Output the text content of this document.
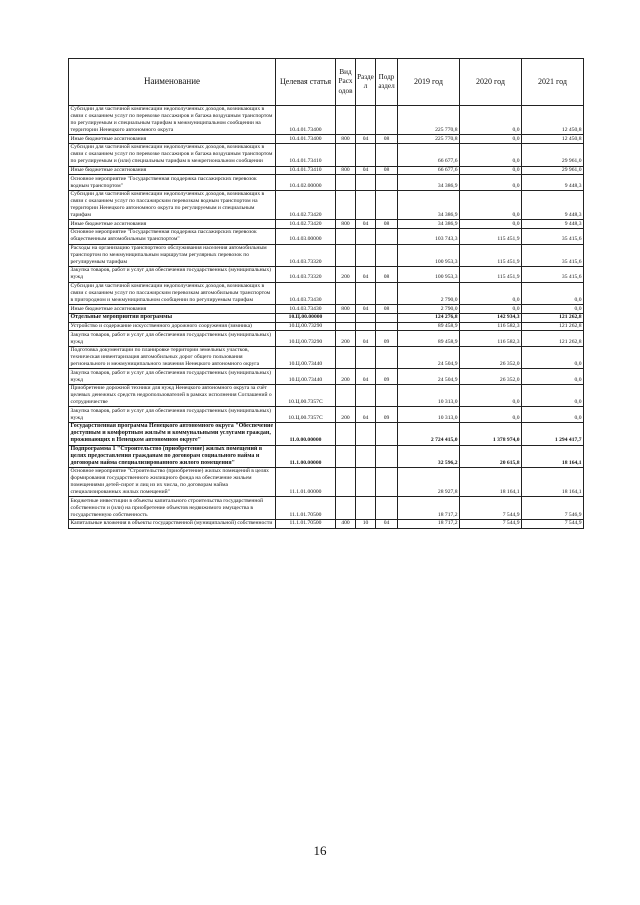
Наименование	Целевая статья	Вид Расходов	Раздел	Подраздел	2019 год	2020 год	2021 год
Субсидии для частичной компенсации недополученных доходов, возникающих в связи с оказанием услуг по перевозке пассажиров и багажа воздушным транспортом по регулируемым и специальным тарифам в межмуниципальном сообщении на территории Ненецкого автономного округа	10.4.01.73400				225 770,8	0,0	12 450,8
Иные бюджетные ассигнования	10.4.01.73400	800	04	08	225 770,8	0,0	12 450,8
Субсидии для частичной компенсации недополученных доходов, возникающих в связи с оказанием услуг по перевозке пассажиров и багажа воздушным транспортом по регулируемым и (или) специальным тарифам в межрегиональном сообщении	10.4.01.73410				66 677,6	0,0	29 961,0
Иные бюджетные ассигнования	10.4.01.73410	800	04	08	66 677,6	0,0	29 961,0
Основное мероприятие "Государственная поддержка пассажирских перевозок водным транспортом"	10.4.02.00000				34 386,9	0,0	9 448,3
Субсидии для частичной компенсации недополученных доходов, возникающих в связи с оказанием услуг по пассажирским перевозкам водным транспортом на территории Ненецкого автономного округа по регулируемым и специальным тарифам	10.4.02.73420				34 386,9	0,0	9 448,3
Иные бюджетные ассигнования	10.4.02.73420	800	04	08	34 386,9	0,0	9 448,3
Основное мероприятие "Государственная поддержка пассажирских перевозок общественным автомобильным транспортом"	10.4.03.00000				103 743,3	115 451,9	35 415,6
Расходы на организацию транспортного обслуживания населения автомобильным транспортом по межмуниципальным маршрутам регулярных перевозок по регулируемым тарифам	10.4.03.73320				100 953,3	115 451,9	35 415,6
Закупка товаров, работ и услуг для обеспечения государственных (муниципальных) нужд	10.4.03.73320	200	04	08	100 953,3	115 451,9	35 415,6
Субсидии для частичной компенсации недополученных доходов, возникающих в связи с оказанием услуг по пассажирским перевозкам автомобильным транспортом в пригородном и межмуниципальном сообщении по регулируемым тарифам	10.4.03.73430				2 790,0	0,0	0,0
Иные бюджетные ассигнования	10.4.03.73430	800	04	08	2 790,0	0,0	0,0
Отдельные мероприятия программы	10.Ц.00.00000				124 276,8	142 934,3	121 262,8
Устройство и содержание искусственного дорожного сооружения (зимника)	10.Ц.00.73290				89 458,9	116 582,3	121 262,8
Закупка товаров, работ и услуг для обеспечения государственных (муниципальных) нужд	10.Ц.00.73290	200	04	09	89 458,9	116 582,3	121 262,8
Подготовка документации по планировке территории земельных участков, техническая инвентаризация автомобильных дорог общего пользования регионального и межмуниципального значения Ненецкого автономного округа	10.Ц.00.73440				24 504,9	26 352,0	0,0
Закупка товаров, работ и услуг для обеспечения государственных (муниципальных) нужд	10.Ц.00.73440	200	04	09	24 504,9	26 352,0	0,0
Приобретение дорожной техники для нужд Ненецкого автономного округа за счёт целевых денежных средств недропользователей в рамках исполнения Соглашений о сотрудничестве	10.Ц.00.7357С				10 313,0	0,0	0,0
Закупка товаров, работ и услуг для обеспечения государственных (муниципальных) нужд	10.Ц.00.7357С	200	04	09	10 313,0	0,0	0,0
Государственная программа Ненецкого автономного округа "Обеспечение доступным и комфортным жильём и коммунальными услугами граждан, проживающих в Ненецком автономном округе"	11.0.00.00000				2 724 415,0	1 378 974,0	1 294 417,7
Подпрограмма 1 "Строительство (приобретение) жилых помещений в целях предоставления гражданам по договорам социального найма и договорам найма специализированного жилого помещения"	11.1.00.00000				32 596,2	20 615,8	18 164,1
Основное мероприятие "Строительство (приобретение) жилых помещений в целях формирования государственного жилищного фонда на обеспечение жильем помещениями детей-сирот и лиц из их числа, по договорам найма специализированных жилых помещений"	11.1.01.00000				28 927,8	18 164,1	18 164,1
Бюджетные инвестиции в объекты капитального строительства государственной собственности и (или) на приобретение объектов недвижимого имущества в государственную собственность	11.1.01.70500				18 717,2	7 544,9	7 546,9
Капитальные вложения в объекты государственной (муниципальной) собственности	11.1.01.70500	400	10	04	18 717,2	7 544,9	7 544,9
16
